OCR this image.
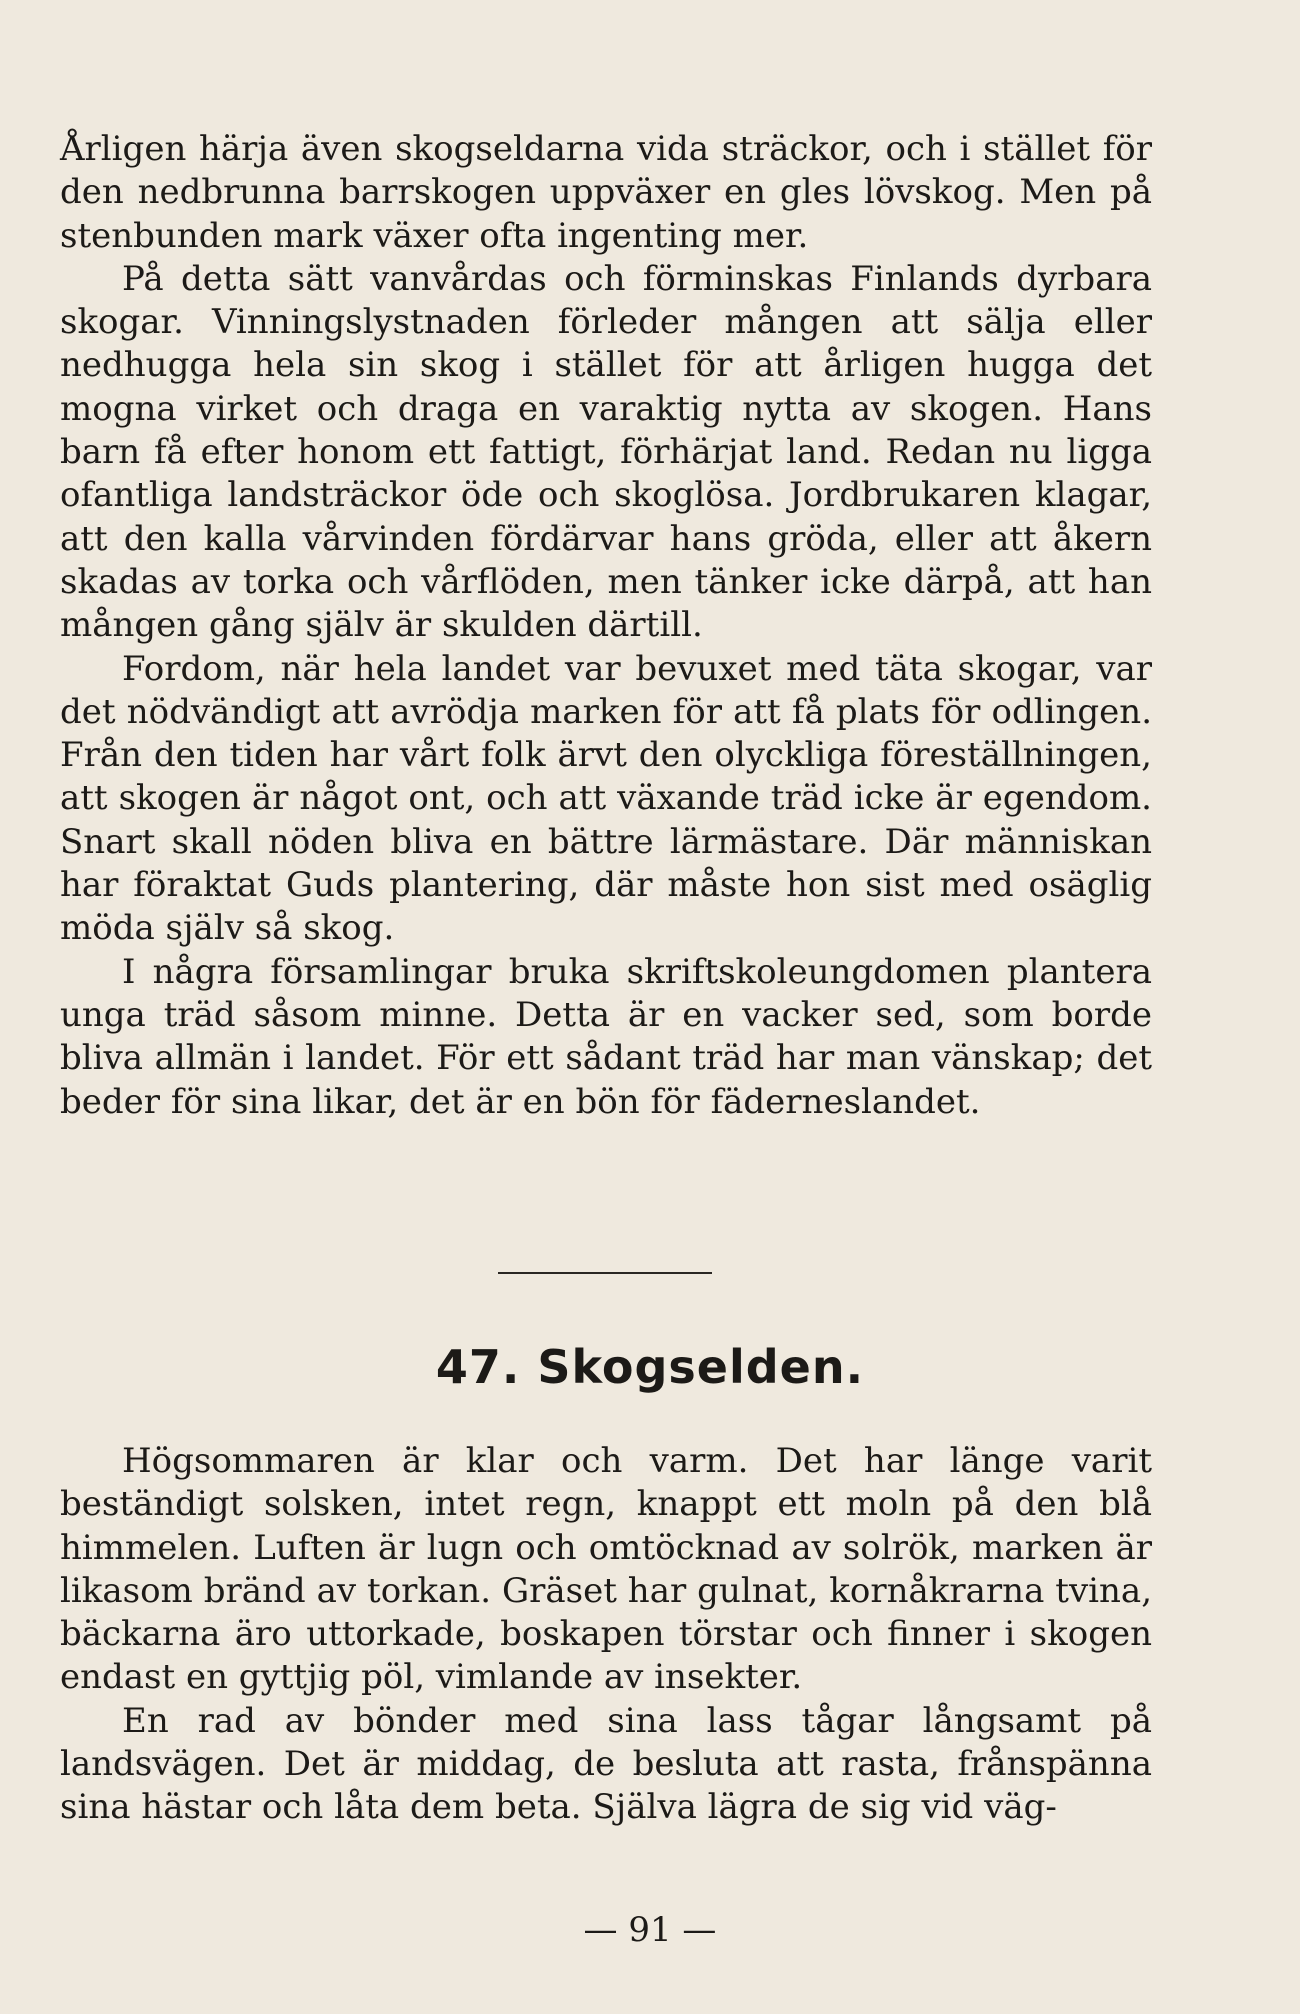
Årligen härja även skogseldarna vida sträckor, och i stället för den nedbrunna barrskogen uppväxer en gles lövskog. Men på stenbunden mark växer ofta ingenting mer.

På detta sätt vanvårdas och förminskas Finlands dyrbara skogar. Vinningslystnaden förleder mången att sälja eller nedhugga hela sin skog i stället för att årligen hugga det mogna virket och draga en varaktig nytta av skogen. Hans barn få efter honom ett fattigt, förhärjat land. Redan nu ligga ofantliga landsträckor öde och skoglösa. Jordbrukaren klagar, att den kalla vårvinden fördärvar hans gröda, eller att åkern skadas av torka och vårflöden, men tänker icke därpå, att han mången gång själv är skulden därtill.

Fordom, när hela landet var bevuxet med täta skogar, var det nödvändigt att avrödja marken för att få plats för odlingen. Från den tiden har vårt folk ärvt den olyckliga föreställningen, att skogen är något ont, och att växande träd icke är egendom. Snart skall nöden bliva en bättre lärmästare. Där människan har föraktat Guds plantering, där måste hon sist med osäglig möda själv så skog.

I några församlingar bruka skriftskoleungdomen plantera unga träd såsom minne. Detta är en vacker sed, som borde bliva allmän i landet. För ett sådant träd har man vänskap; det beder för sina likar, det är en bön för fäderneslandet.

47. Skogselden.

Högsommaren är klar och varm. Det har länge varit beständigt solsken, intet regn, knappt ett moln på den blå himmelen. Luften är lugn och omtöcknad av solrök, marken är likasom bränd av torkan. Gräset har gulnat, kornåkrarna tvina, bäckarna äro uttorkade, boskapen törstar och finner i skogen endast en gyttjig pöl, vimlande av insekter.

En rad av bönder med sina lass tågar långsamt på landsvägen. Det är middag, de besluta att rasta, frånspänna sina hästar och låta dem beta. Själva lägra de sig vid väg-

— 91 —
